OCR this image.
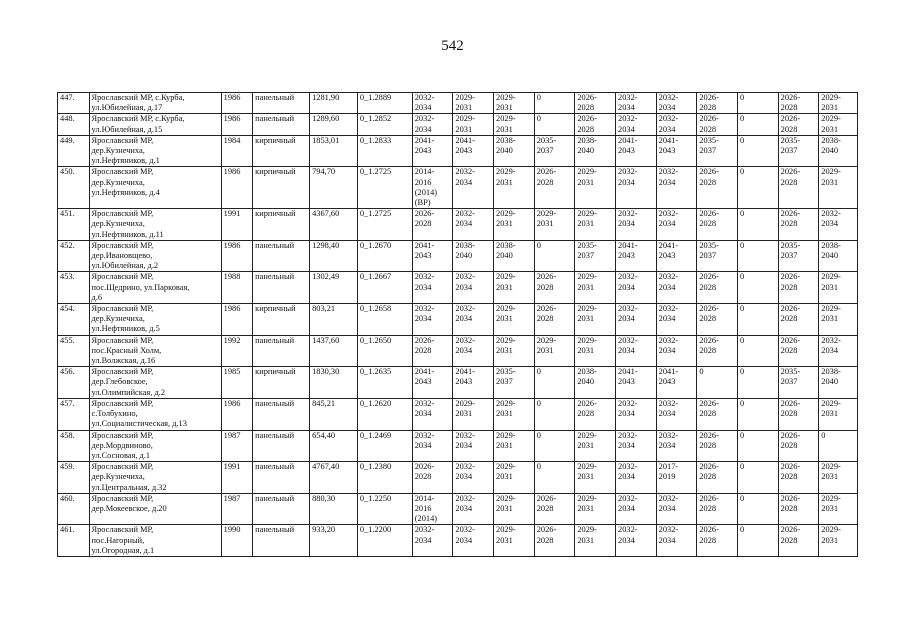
542
447.	Ярославский МР, с.Курба,
ул.Юбилейная, д.17	1986	панельный	1281,90	0_1.2889	2032-
2034	2029-
2031	2029-
2031	0	2026-
2028	2032-
2034	2032-
2034	2026-
2028	0	2026-
2028	2029-
2031
448.	Ярославский МР, с.Курба,
ул.Юбилейная, д.15	1986	панельный	1289,60	0_1.2852	2032-
2034	2029-
2031	2029-
2031	0	2026-
2028	2032-
2034	2032-
2034	2026-
2028	0	2026-
2028	2029-
2031
449.	Ярославский МР,
дер.Кузнечиха,
ул.Нефтяников, д.1	1984	кирпичный	1853,01	0_1.2833	2041-
2043	2041-
2043	2038-
2040	2035-
2037	2038-
2040	2041-
2043	2041-
2043	2035-
2037	0	2035-
2037	2038-
2040
450.	Ярославский МР,
дер.Кузнечиха,
ул.Нефтяников, д.4	1986	кирпичный	794,70	0_1.2725	2014-
2016
(2014)
(ВР)	2032-
2034	2029-
2031	2026-
2028	2029-
2031	2032-
2034	2032-
2034	2026-
2028	0	2026-
2028	2029-
2031
451.	Ярославский МР,
дер.Кузнечиха,
ул.Нефтяников, д.11	1991	кирпичный	4367,60	0_1.2725	2026-
2028	2032-
2034	2029-
2031	2029-
2031	2029-
2031	2032-
2034	2032-
2034	2026-
2028	0	2026-
2028	2032-
2034
452.	Ярославский МР,
дер.Ивановщево,
ул.Юбилейная, д.2	1986	панельный	1298,40	0_1.2670	2041-
2043	2038-
2040	2038-
2040	0	2035-
2037	2041-
2043	2041-
2043	2035-
2037	0	2035-
2037	2038-
2040
453.	Ярославский МР,
пос.Щедрино, ул.Парковая,
д.6	1988	панельный	1302,49	0_1.2667	2032-
2034	2032-
2034	2029-
2031	2026-
2028	2029-
2031	2032-
2034	2032-
2034	2026-
2028	0	2026-
2028	2029-
2031
454.	Ярославский МР,
дер.Кузнечиха,
ул.Нефтяников, д.5	1986	кирпичный	803,21	0_1.2658	2032-
2034	2032-
2034	2029-
2031	2026-
2028	2029-
2031	2032-
2034	2032-
2034	2026-
2028	0	2026-
2028	2029-
2031
455.	Ярославский МР,
пос.Красный Холм,
ул.Волжская, д.16	1992	панельный	1437,60	0_1.2650	2026-
2028	2032-
2034	2029-
2031	2029-
2031	2029-
2031	2032-
2034	2032-
2034	2026-
2028	0	2026-
2028	2032-
2034
456.	Ярославский МР,
дер.Глебовское,
ул.Олимпийская, д.2	1985	кирпичный	1830,30	0_1.2635	2041-
2043	2041-
2043	2035-
2037	0	2038-
2040	2041-
2043	2041-
2043	0	0	2035-
2037	2038-
2040
457.	Ярославский МР,
с.Толбухино,
ул.Социалистическая, д.13	1986	панельный	845,21	0_1.2620	2032-
2034	2029-
2031	2029-
2031	0	2026-
2028	2032-
2034	2032-
2034	2026-
2028	0	2026-
2028	2029-
2031
458.	Ярославский МР,
дер.Мордвиново,
ул.Сосновая, д.1	1987	панельный	654,40	0_1.2469	2032-
2034	2032-
2034	2029-
2031	0	2029-
2031	2032-
2034	2032-
2034	2026-
2028	0	2026-
2028	0
459.	Ярославский МР,
дер.Кузнечиха,
ул.Центральная, д.32	1991	панельный	4767,40	0_1.2380	2026-
2028	2032-
2034	2029-
2031	0	2029-
2031	2032-
2034	2017-
2019	2026-
2028	0	2026-
2028	2029-
2031
460.	Ярославский МР,
дер.Мокеевское, д.20	1987	панельный	880,30	0_1.2250	2014-
2016
(2014)	2032-
2034	2029-
2031	2026-
2028	2029-
2031	2032-
2034	2032-
2034	2026-
2028	0	2026-
2028	2029-
2031
461.	Ярославский МР,
пос.Нагорный,
ул.Огородная, д.1	1990	панельный	933,20	0_1.2200	2032-
2034	2032-
2034	2029-
2031	2026-
2028	2029-
2031	2032-
2034	2032-
2034	2026-
2028	0	2026-
2028	2029-
2031
